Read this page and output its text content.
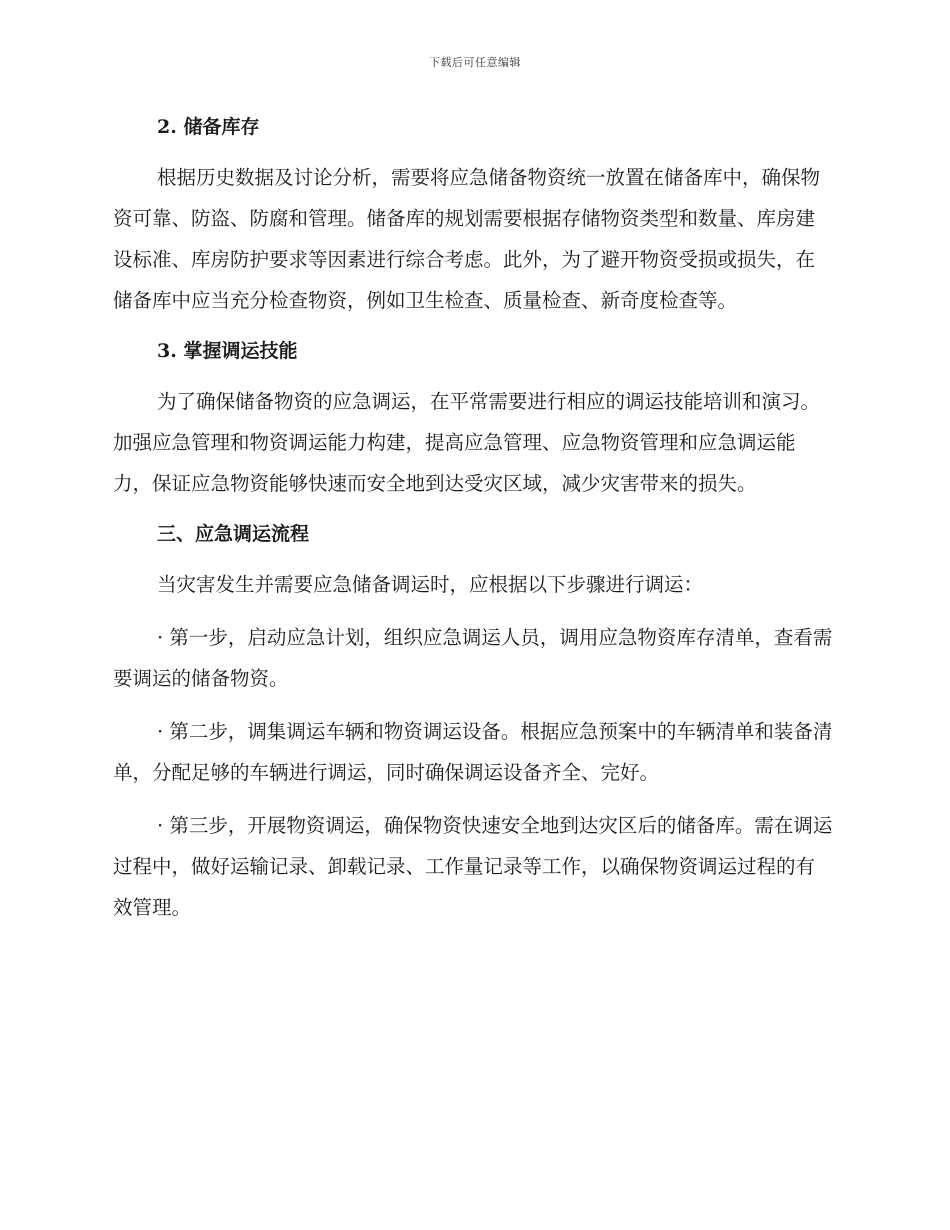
下载后可任意编辑
2. 储备库存

根据历史数据及讨论分析，需要将应急储备物资统一放置在储备库中，确保物资可靠、防盗、防腐和管理。储备库的规划需要根据存储物资类型和数量、库房建设标准、库房防护要求等因素进行综合考虑。此外，为了避开物资受损或损失，在储备库中应当充分检查物资，例如卫生检查、质量检查、新奇度检查等。

3. 掌握调运技能

为了确保储备物资的应急调运，在平常需要进行相应的调运技能培训和演习。加强应急管理和物资调运能力构建，提高应急管理、应急物资管理和应急调运能力，保证应急物资能够快速而安全地到达受灾区域，减少灾害带来的损失。

三、应急调运流程

当灾害发生并需要应急储备调运时，应根据以下步骤进行调运：

· 第一步，启动应急计划，组织应急调运人员，调用应急物资库存清单，查看需要调运的储备物资。

· 第二步，调集调运车辆和物资调运设备。根据应急预案中的车辆清单和装备清单，分配足够的车辆进行调运，同时确保调运设备齐全、完好。

· 第三步，开展物资调运，确保物资快速安全地到达灾区后的储备库。需在调运过程中，做好运输记录、卸载记录、工作量记录等工作，以确保物资调运过程的有效管理。
